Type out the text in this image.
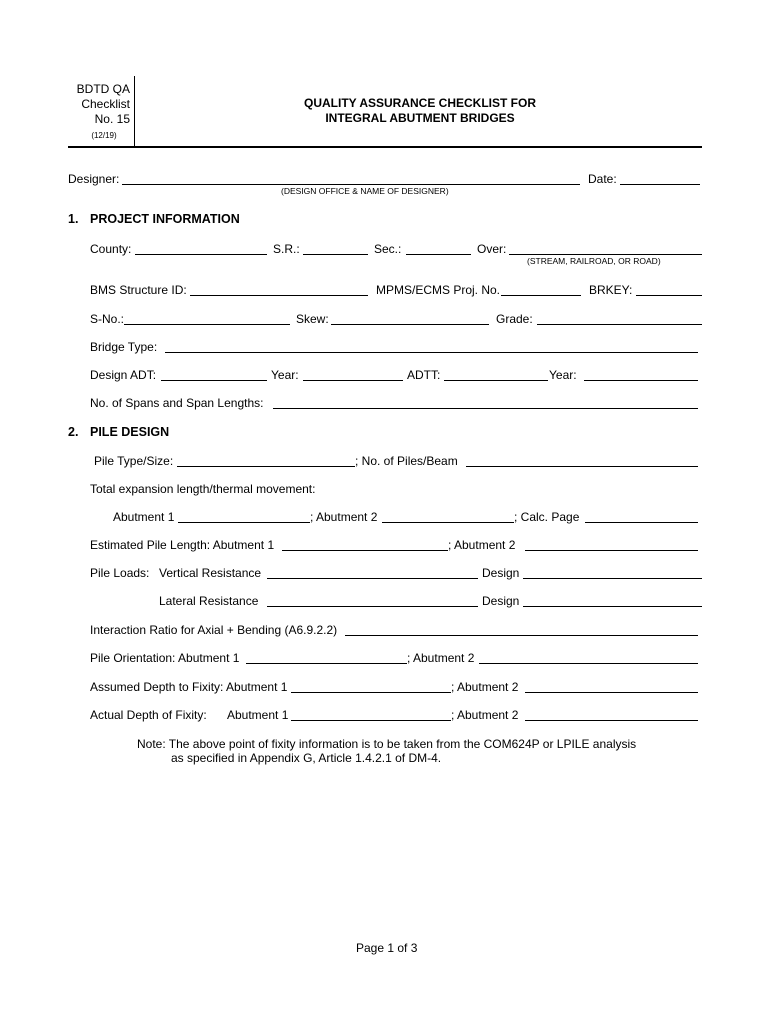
BDTD QA
Checklist
No. 15
(12/19)
QUALITY ASSURANCE CHECKLIST FOR
INTEGRAL ABUTMENT BRIDGES
Designer:	Date:
(DESIGN OFFICE & NAME OF DESIGNER)
1. PROJECT INFORMATION
County:	S.R.:	Sec.:	Over:
(STREAM, RAILROAD, OR ROAD)
BMS Structure ID:	MPMS/ECMS Proj. No.	BRKEY:
S-No.:	Skew:	Grade:
Bridge Type:
Design ADT:	Year:	ADTT:	Year:
No. of Spans and Span Lengths:
2. PILE DESIGN
Pile Type/Size:	; No. of Piles/Beam
Total expansion length/thermal movement:
Abutment 1	; Abutment 2	; Calc. Page
Estimated Pile Length: Abutment 1	; Abutment 2
Pile Loads: Vertical Resistance	Design
Lateral Resistance	Design
Interaction Ratio for Axial + Bending (A6.9.2.2)
Pile Orientation: Abutment 1	; Abutment 2
Assumed Depth to Fixity: Abutment 1	; Abutment 2
Actual Depth of Fixity: Abutment 1	; Abutment 2
Note: The above point of fixity information is to be taken from the COM624P or LPILE analysis
as specified in Appendix G, Article 1.4.2.1 of DM-4.
Page 1 of 3
